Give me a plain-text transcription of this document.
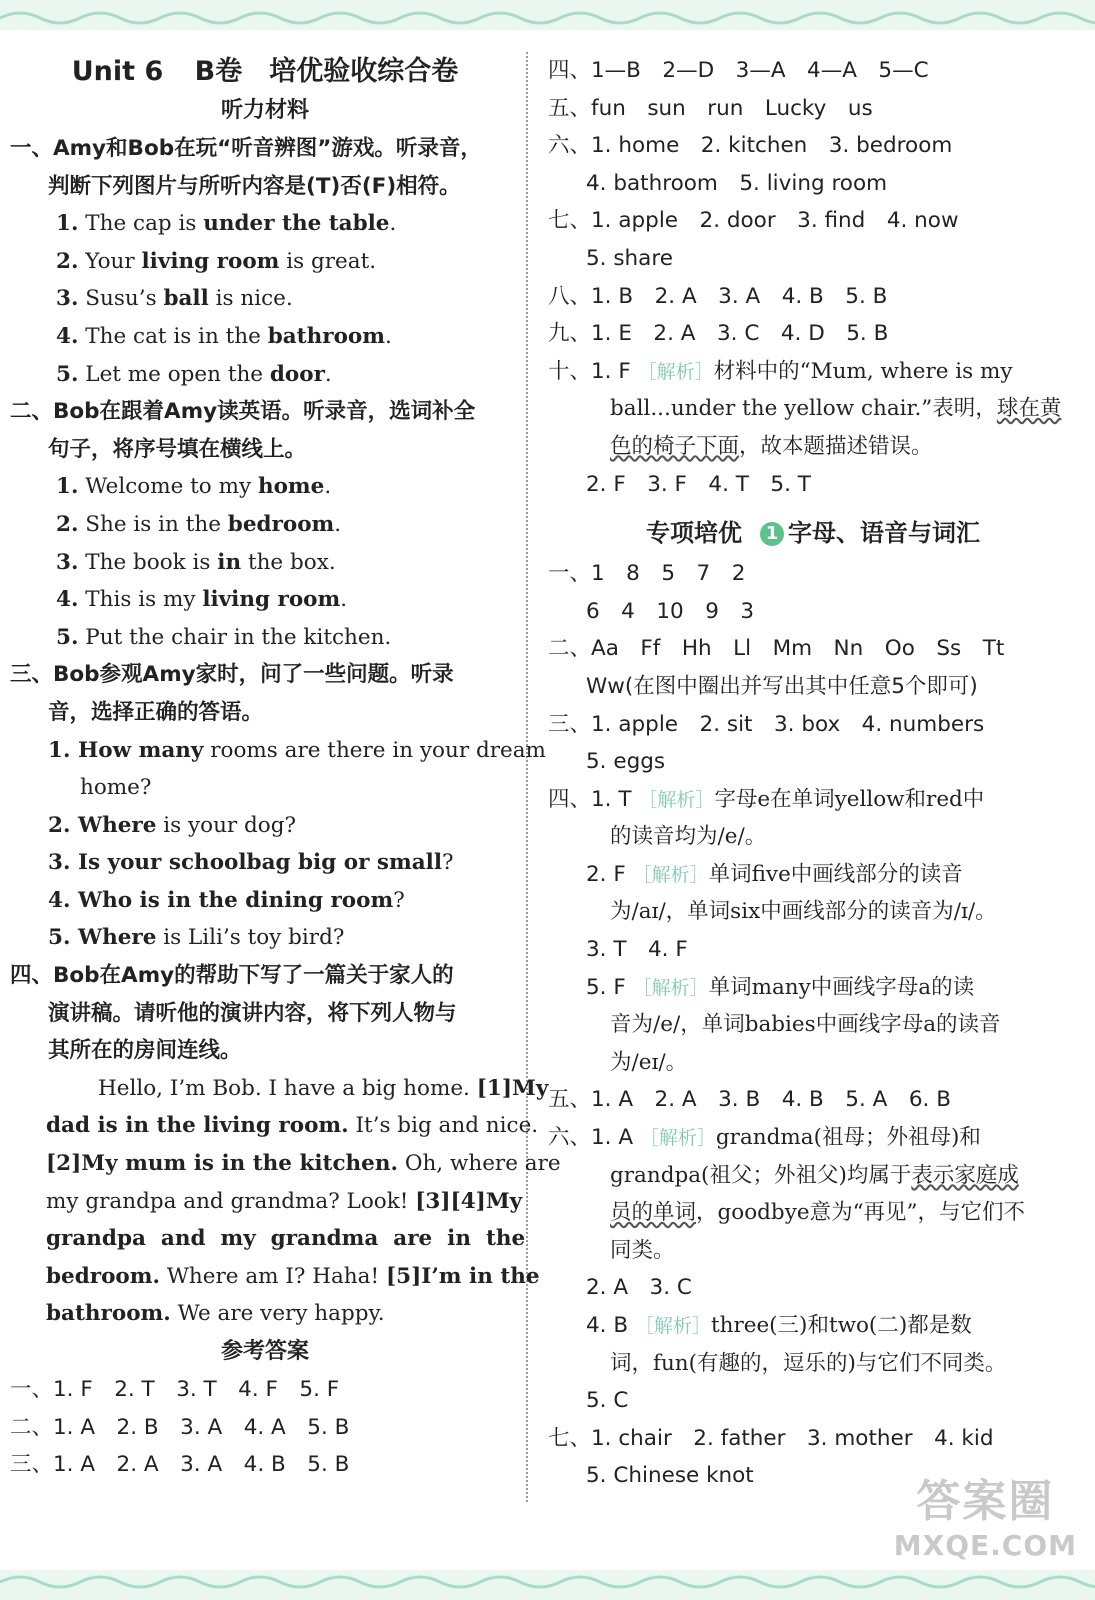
Unit 6 B卷　培优验收综合卷
听力材料
一、Amy和Bob在玩“听音辨图”游戏。听录音，
判断下列图片与所听内容是(T)否(F)相符。
1. The cap is under the table.
2. Your living room is great.
3. Susu’s ball is nice.
4. The cat is in the bathroom.
5. Let me open the door.
二、Bob在跟着Amy读英语。听录音，选词补全
句子，将序号填在横线上。
1. Welcome to my home.
2. She is in the bedroom.
3. The book is in the box.
4. This is my living room.
5. Put the chair in the kitchen.
三、Bob参观Amy家时，问了一些问题。听录
音，选择正确的答语。
1. How many rooms are there in your dream
home?
2. Where is your dog?
3. Is your schoolbag big or small?
4. Who is in the dining room?
5. Where is Lili’s toy bird?
四、Bob在Amy的帮助下写了一篇关于家人的
演讲稿。请听他的演讲内容，将下列人物与
其所在的房间连线。
Hello, I’m Bob. I have a big home. [1]My
dad is in the living room. It’s big and nice.
[2]My mum is in the kitchen. Oh, where are
my grandpa and grandma? Look! [3][4]My
grandpa  and  my  grandma  are  in  the
bedroom. Where am I? Haha! [5]I’m in the
bathroom. We are very happy.
参考答案
一、1. F　2. T　3. T　4. F　5. F
二、1. A　2. B　3. A　4. A　5. B
三、1. A　2. A　3. A　4. B　5. B
四、1—B　2—D　3—A　4—A　5—C
五、fun　sun　run　Lucky　us
六、1. home　2. kitchen　3. bedroom
4. bathroom　5. living room
七、1. apple　2. door　3. find　4. now
5. share
八、1. B　2. A　3. A　4. B　5. B
九、1. E　2. A　3. C　4. D　5. B
十、1. F ［解析］材料中的“Mum, where is my
ball...under the yellow chair.”表明，球在黄
色的椅子下面，故本题描述错误。
2. F　3. F　4. T　5. T
专项培优 1 字母、语音与词汇
一、1　8　5　7　2
6　4　10　9　3
二、Aa　Ff　Hh　Ll　Mm　Nn　Oo　Ss　Tt
Ww(在图中圈出并写出其中任意5个即可)
三、1. apple　2. sit　3. box　4. numbers
5. eggs
四、1. T ［解析］字母e在单词yellow和red中
的读音均为/e/。
2. F ［解析］单词five中画线部分的读音
为/aɪ/，单词six中画线部分的读音为/ɪ/。
3. T　4. F
5. F ［解析］单词many中画线字母a的读
音为/e/，单词babies中画线字母a的读音
为/eɪ/。
五、1. A　2. A　3. B　4. B　5. A　6. B
六、1. A ［解析］grandma(祖母；外祖母)和
grandpa(祖父；外祖父)均属于表示家庭成
员的单词，goodbye意为“再见”，与它们不
同类。
2. A　3. C
4. B ［解析］three(三)和two(二)都是数
词，fun(有趣的，逗乐的)与它们不同类。
5. C
七、1. chair　2. father　3. mother　4. kid
5. Chinese knot
答案圈
MXQE.COM
